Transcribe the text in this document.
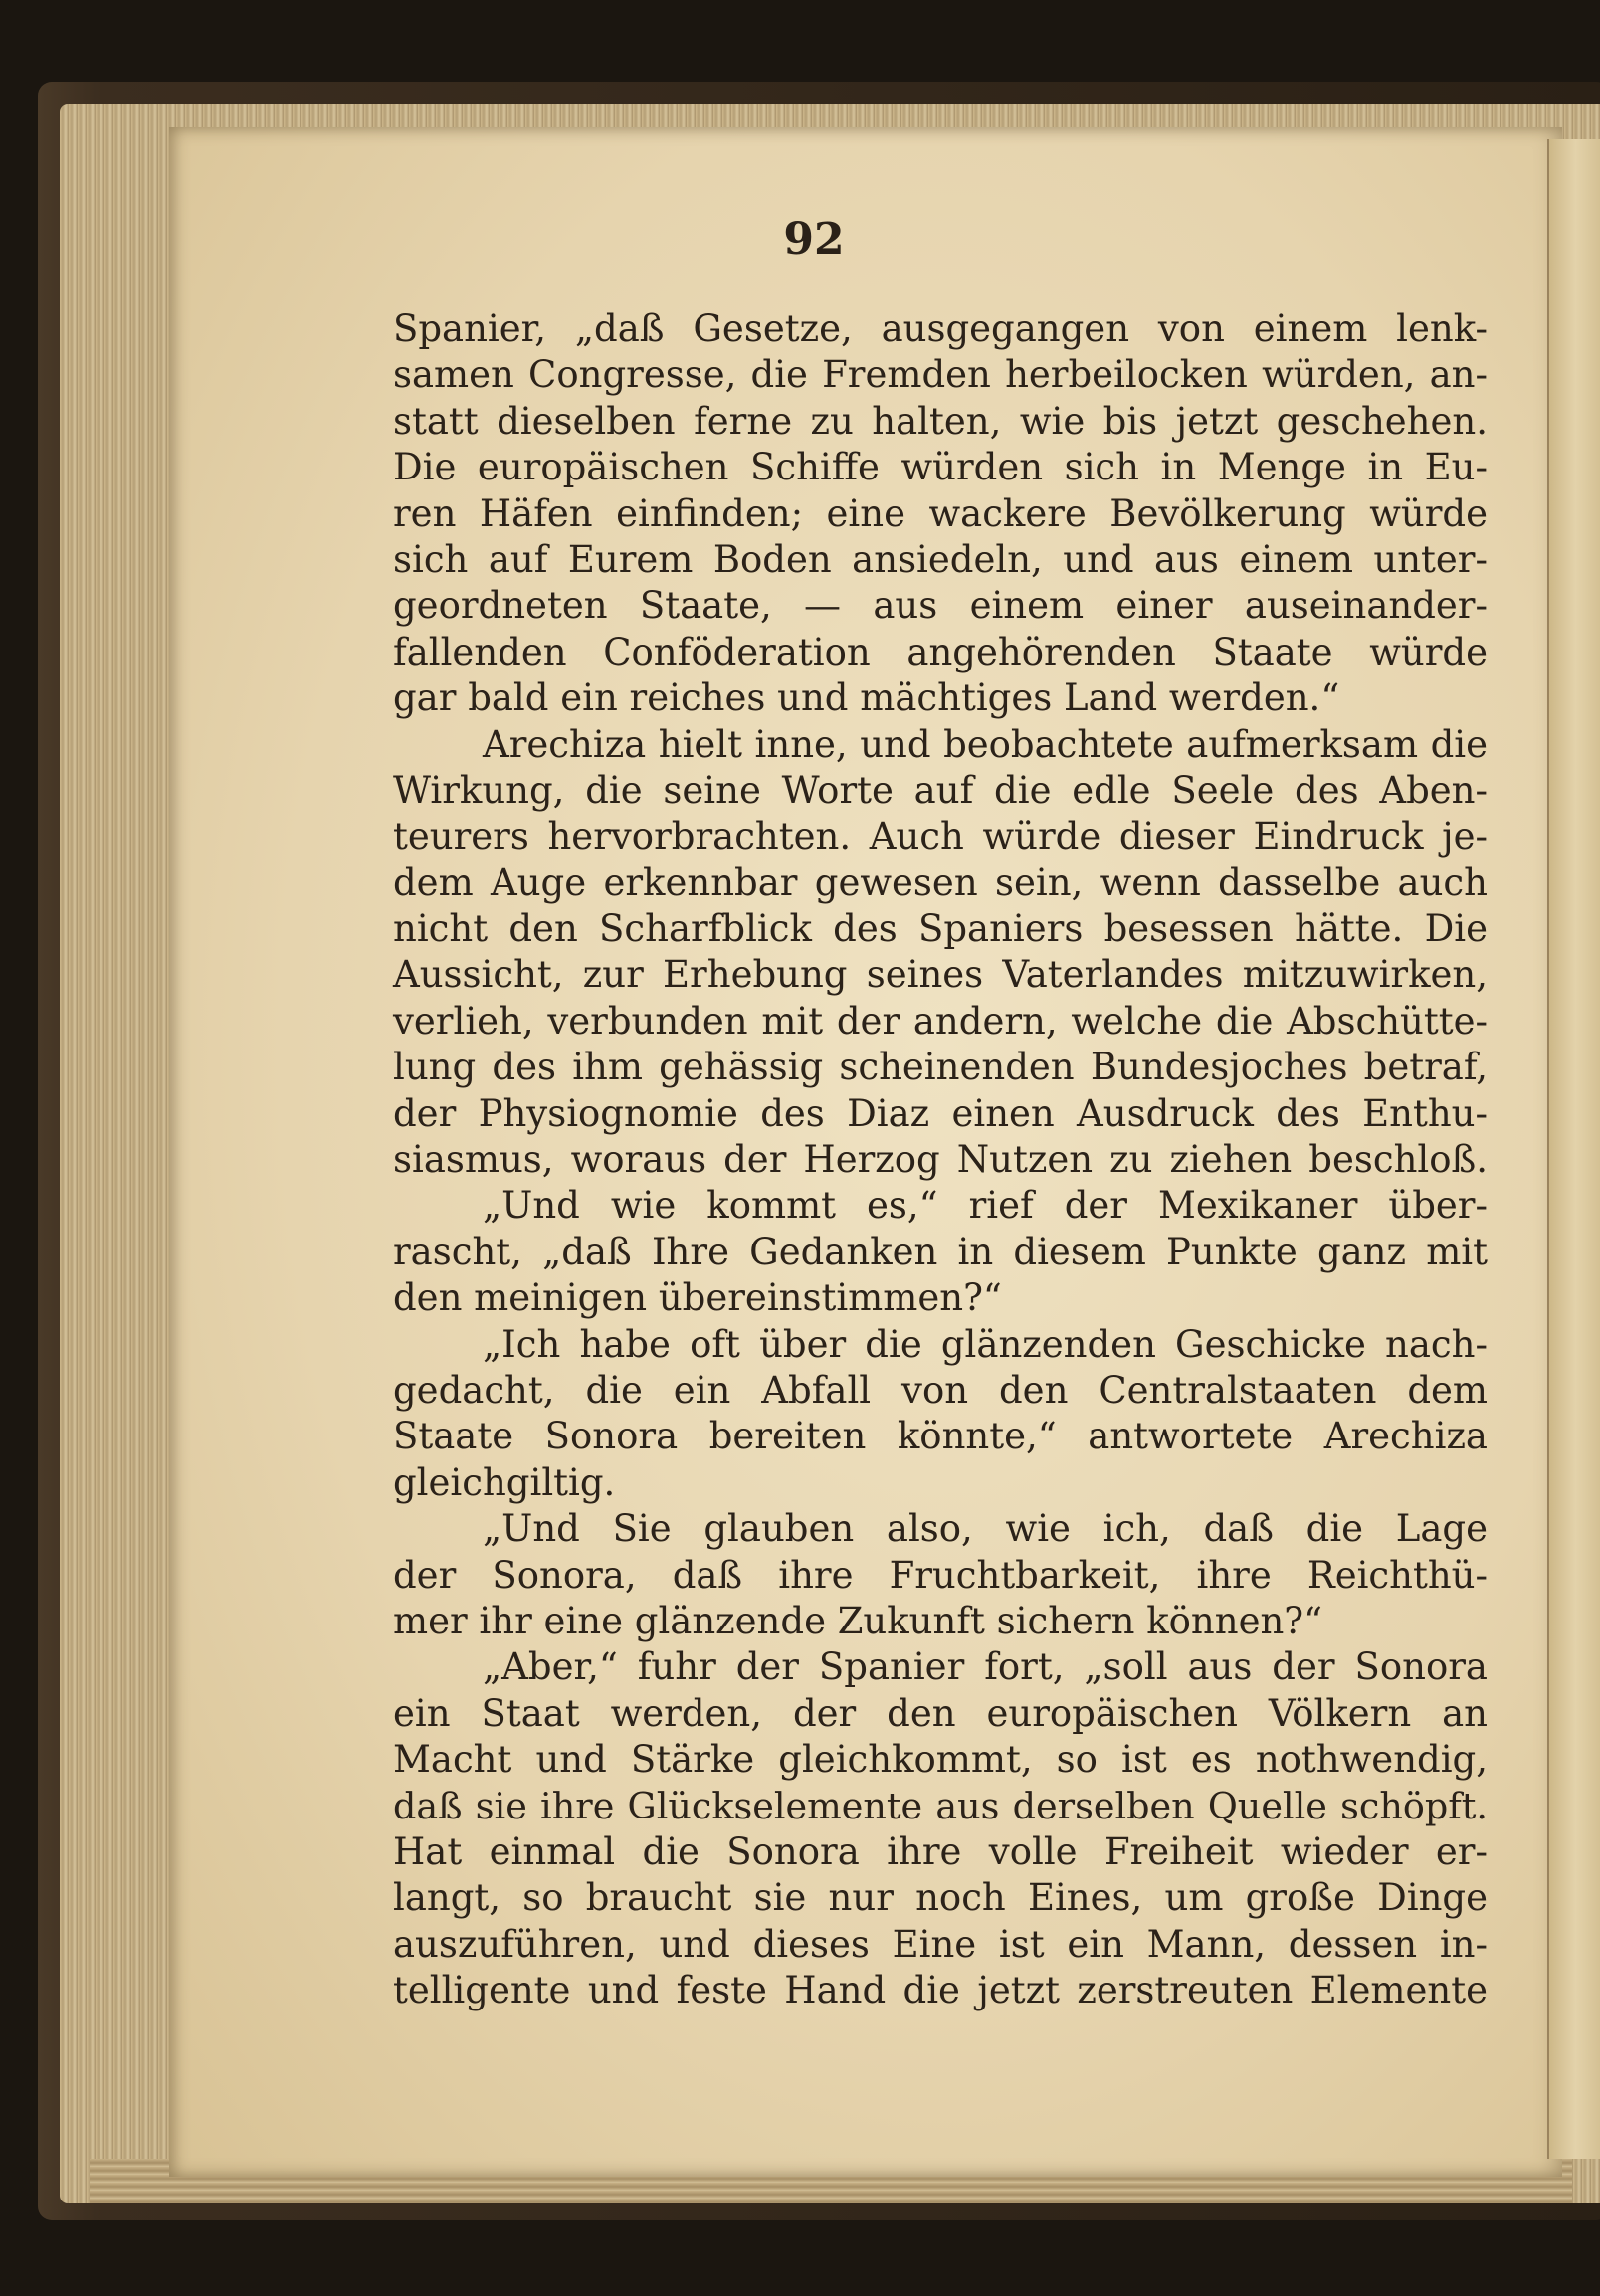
92
Spanier, „daß Gesetze, ausgegangen von einem lenk-
samen Congresse, die Fremden herbeilocken würden, an-
statt dieselben ferne zu halten, wie bis jetzt geschehen.
Die europäischen Schiffe würden sich in Menge in Eu-
ren Häfen einfinden; eine wackere Bevölkerung würde
sich auf Eurem Boden ansiedeln, und aus einem unter-
geordneten Staate, — aus einem einer auseinander-
fallenden Conföderation angehörenden Staate würde
gar bald ein reiches und mächtiges Land werden.“
Arechiza hielt inne, und beobachtete aufmerksam die
Wirkung, die seine Worte auf die edle Seele des Aben-
teurers hervorbrachten. Auch würde dieser Eindruck je-
dem Auge erkennbar gewesen sein, wenn dasselbe auch
nicht den Scharfblick des Spaniers besessen hätte. Die
Aussicht, zur Erhebung seines Vaterlandes mitzuwirken,
verlieh, verbunden mit der andern, welche die Abschütte-
lung des ihm gehässig scheinenden Bundesjoches betraf,
der Physiognomie des Diaz einen Ausdruck des Enthu-
siasmus, woraus der Herzog Nutzen zu ziehen beschloß.
„Und wie kommt es,“ rief der Mexikaner über-
rascht, „daß Ihre Gedanken in diesem Punkte ganz mit
den meinigen übereinstimmen?“
„Ich habe oft über die glänzenden Geschicke nach-
gedacht, die ein Abfall von den Centralstaaten dem
Staate Sonora bereiten könnte,“ antwortete Arechiza
gleichgiltig.
„Und Sie glauben also, wie ich, daß die Lage
der Sonora, daß ihre Fruchtbarkeit, ihre Reichthü-
mer ihr eine glänzende Zukunft sichern können?“
„Aber,“ fuhr der Spanier fort, „soll aus der Sonora
ein Staat werden, der den europäischen Völkern an
Macht und Stärke gleichkommt, so ist es nothwendig,
daß sie ihre Glückselemente aus derselben Quelle schöpft.
Hat einmal die Sonora ihre volle Freiheit wieder er-
langt, so braucht sie nur noch Eines, um große Dinge
auszuführen, und dieses Eine ist ein Mann, dessen in-
telligente und feste Hand die jetzt zerstreuten Elemente
